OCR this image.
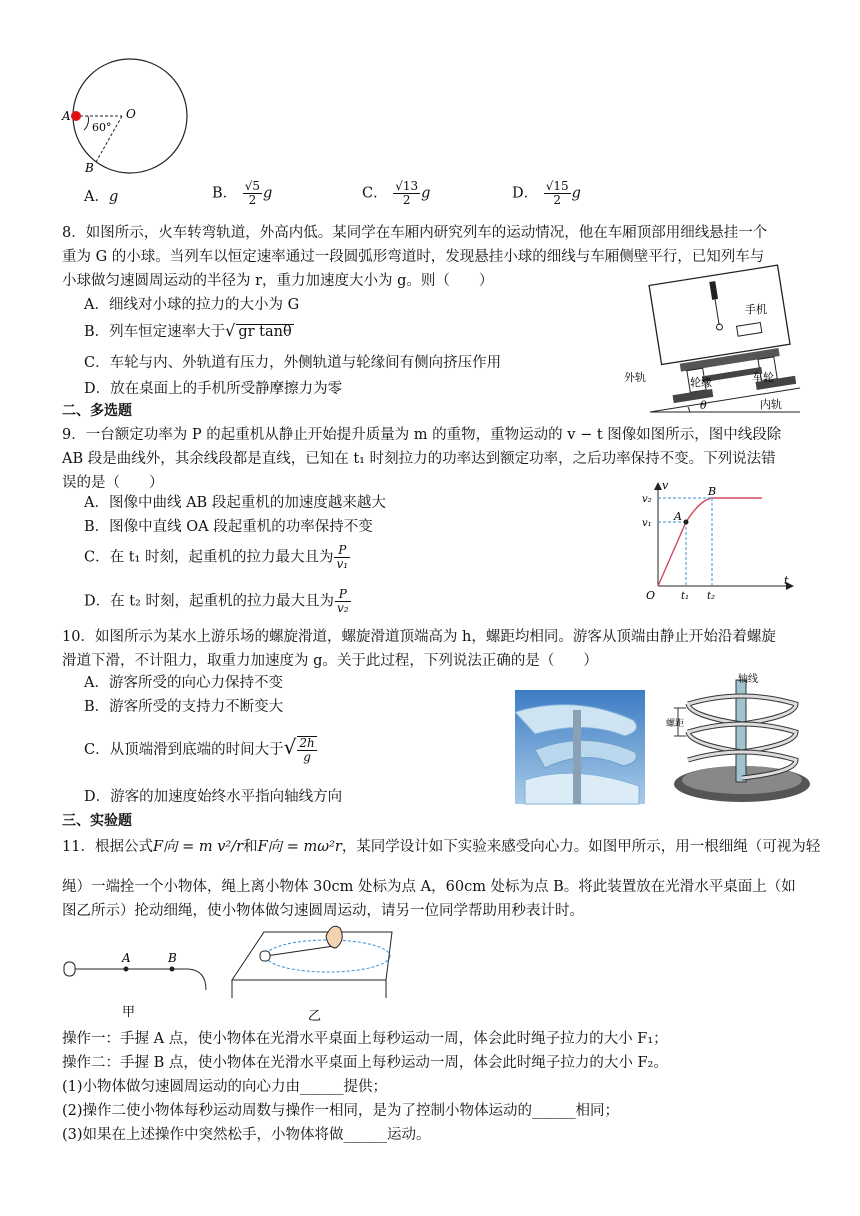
A	O
60°
B
A．g	B． $\frac{√5}{2}$ g	C． $\frac{√13}{2}$ g	D． $\frac{√15}{2}$ g
8．如图所示，火车转弯轨道，外高内低。某同学在车厢内研究列车的运动情况，他在车厢顶部用细线悬挂一个
重为 G 的小球。当列车以恒定速率通过一段圆弧形弯道时，发现悬挂小球的细线与车厢侧壁平行，已知列车与
小球做匀速圆周运动的半径为 r，重力加速度大小为 g。则（　　）
A．细线对小球的拉力的大小为 G
B．列车恒定速率大于√ gr tanθ
C．车轮与内、外轨道有压力，外侧轨道与轮缘间有侧向挤压作用
D．放在桌面上的手机所受静摩擦力为零
手机
外轨	轮缘	车轮
θ	内轨
二、多选题
9．一台额定功率为 P 的起重机从静止开始提升质量为 m 的重物，重物运动的 v − t 图像如图所示，图中线段除
AB 段是曲线外，其余线段都是直线，已知在 t₁ 时刻拉力的功率达到额定功率，之后功率保持不变。下列说法错
误的是（　　）
A．图像中曲线 AB 段起重机的加速度越来越大
B．图像中直线 OA 段起重机的功率保持不变
C．在 t₁ 时刻，起重机的拉力最大且为 $\frac{P}{\text{v₁}}$
D．在 t₂ 时刻，起重机的拉力最大且为 $\frac{P}{\text{v₂}}$
v
t
v₂
v₁
A
B
O	t₁ t₂
10．如图所示为某水上游乐场的螺旋滑道，螺旋滑道顶端高为 h，螺距均相同。游客从顶端由静止开始沿着螺旋
滑道下滑，不计阻力，取重力加速度为 g。关于此过程，下列说法正确的是（　　）
A．游客所受的向心力保持不变
B．游客所受的支持力不断变大
C．从顶端滑到底端的时间大于√ $\frac{2h}{g}$
D．游客的加速度始终水平指向轴线方向
轴线
螺距
三、实验题
11．根据公式F向 = m v²/r和F向 = mω²r，某同学设计如下实验来感受向心力。如图甲所示，用一根细绳（可视为轻
绳）一端拴一个小物体，绳上离小物体 30cm 处标为点 A，60cm 处标为点 B。将此装置放在光滑水平桌面上（如
图乙所示）抡动细绳，使小物体做匀速圆周运动，请另一位同学帮助用秒表计时。
A	B
甲	乙
操作一：手握 A 点，使小物体在光滑水平桌面上每秒运动一周，体会此时绳子拉力的大小 F₁；
操作二：手握 B 点，使小物体在光滑水平桌面上每秒运动一周，体会此时绳子拉力的大小 F₂。
(1)小物体做匀速圆周运动的向心力由______提供；
(2)操作二使小物体每秒运动周数与操作一相同，是为了控制小物体运动的______相同；
(3)如果在上述操作中突然松手，小物体将做______运动。
